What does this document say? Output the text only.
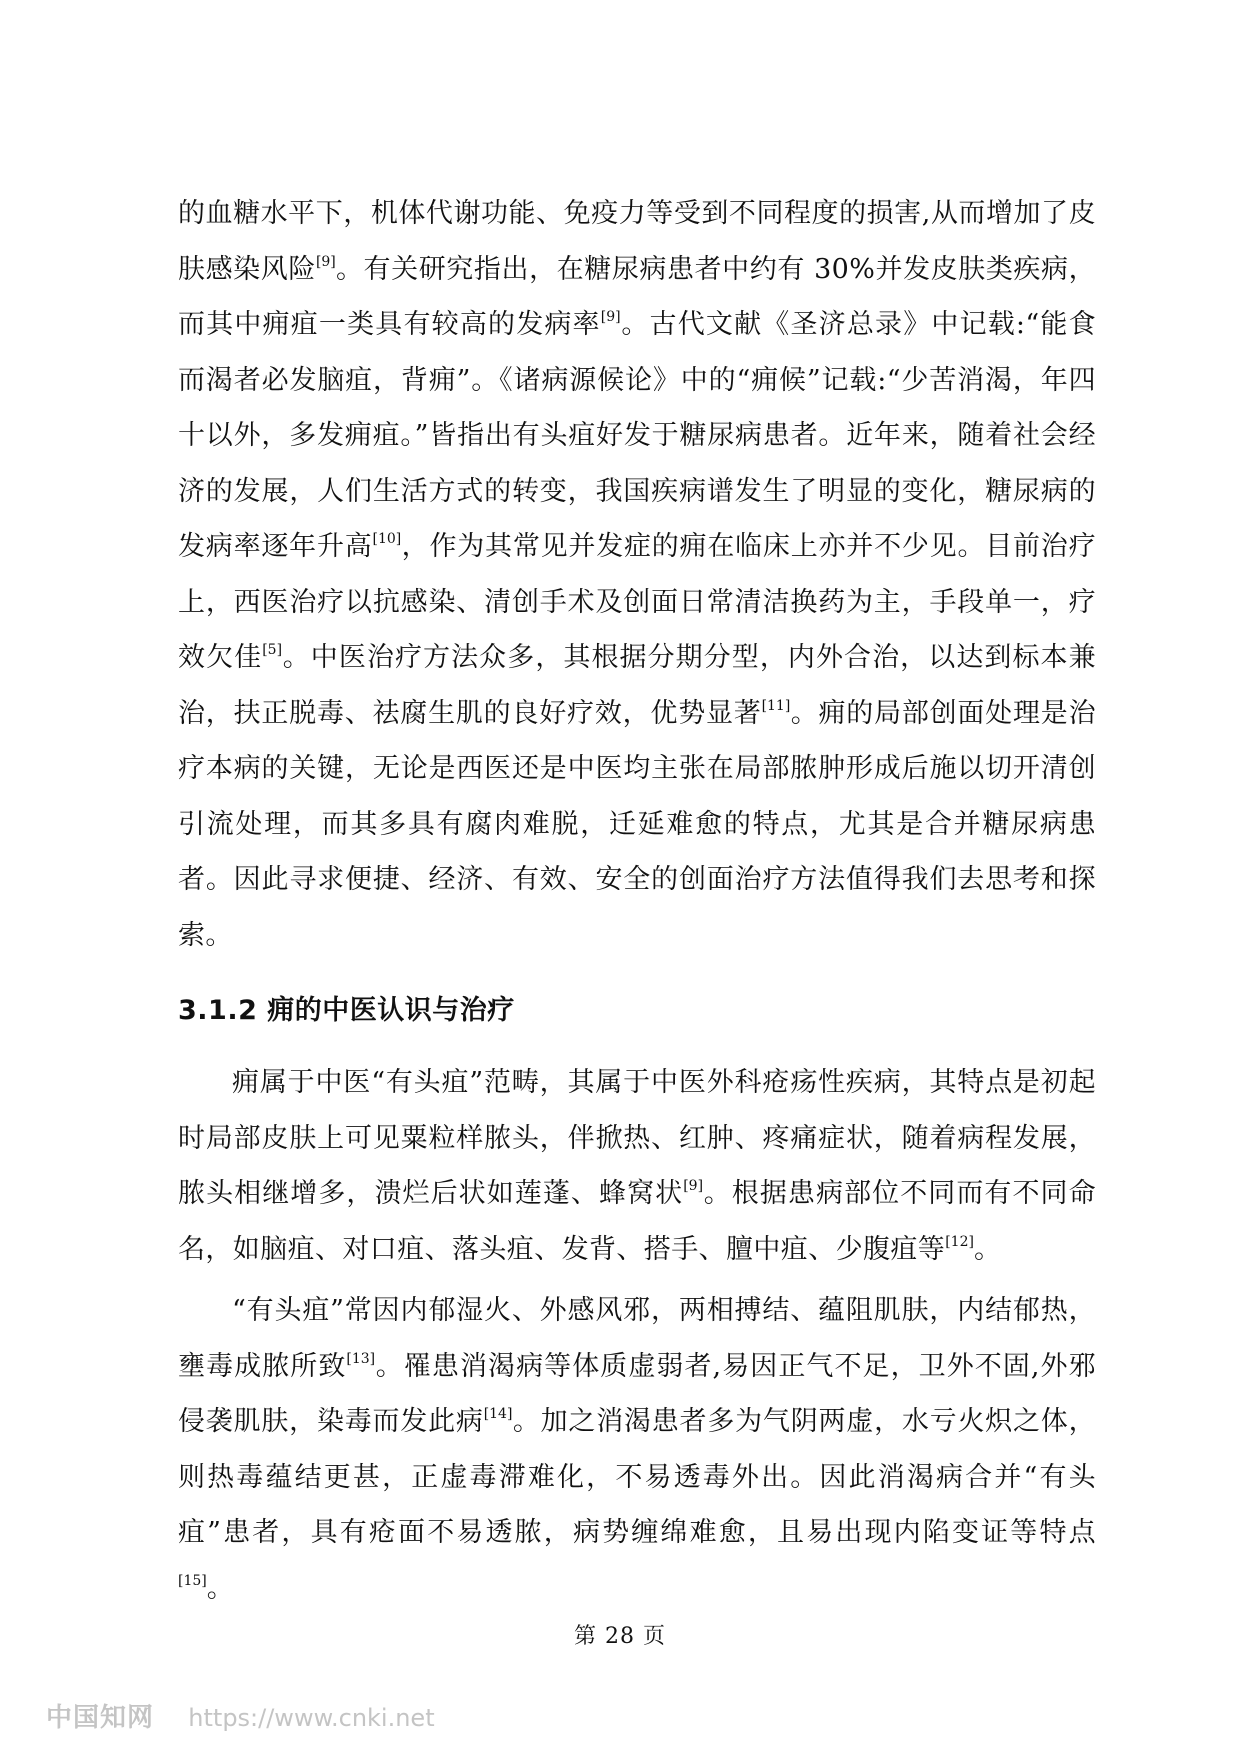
的血糖水平下，机体代谢功能、免疫力等受到不同程度的损害,从而增加了皮肤感染风险[9]。有关研究指出，在糖尿病患者中约有 30%并发皮肤类疾病，而其中痈疽一类具有较高的发病率[9]。古代文献《圣济总录》中记载:“能食而渴者必发脑疽，背痈”。《诸病源候论》中的“痈候”记载:“少苦消渴，年四十以外，多发痈疽。”皆指出有头疽好发于糖尿病患者。近年来，随着社会经济的发展，人们生活方式的转变，我国疾病谱发生了明显的变化，糖尿病的发病率逐年升高[10]，作为其常见并发症的痈在临床上亦并不少见。目前治疗上，西医治疗以抗感染、清创手术及创面日常清洁换药为主，手段单一，疗效欠佳[5]。中医治疗方法众多，其根据分期分型，内外合治，以达到标本兼治，扶正脱毒、祛腐生肌的良好疗效，优势显著[11]。痈的局部创面处理是治疗本病的关键，无论是西医还是中医均主张在局部脓肿形成后施以切开清创引流处理，而其多具有腐肉难脱，迁延难愈的特点，尤其是合并糖尿病患者。因此寻求便捷、经济、有效、安全的创面治疗方法值得我们去思考和探索。

3.1.2 痈的中医认识与治疗

痈属于中医“有头疽”范畴，其属于中医外科疮疡性疾病，其特点是初起时局部皮肤上可见粟粒样脓头，伴掀热、红肿、疼痛症状，随着病程发展，脓头相继增多，溃烂后状如莲蓬、蜂窝状[9]。根据患病部位不同而有不同命名，如脑疽、对口疽、落头疽、发背、搭手、膻中疽、少腹疽等[12]。

“有头疽”常因内郁湿火、外感风邪，两相搏结、蕴阻肌肤，内结郁热，壅毒成脓所致[13]。罹患消渴病等体质虚弱者,易因正气不足，卫外不固,外邪侵袭肌肤，染毒而发此病[14]。加之消渴患者多为气阴两虚，水亏火炽之体，则热毒蕴结更甚，正虚毒滞难化，不易透毒外出。因此消渴病合并“有头疽”患者，具有疮面不易透脓，病势缠绵难愈，且易出现内陷变证等特点[15]。

第 28 页
中国知网 https://www.cnki.net
